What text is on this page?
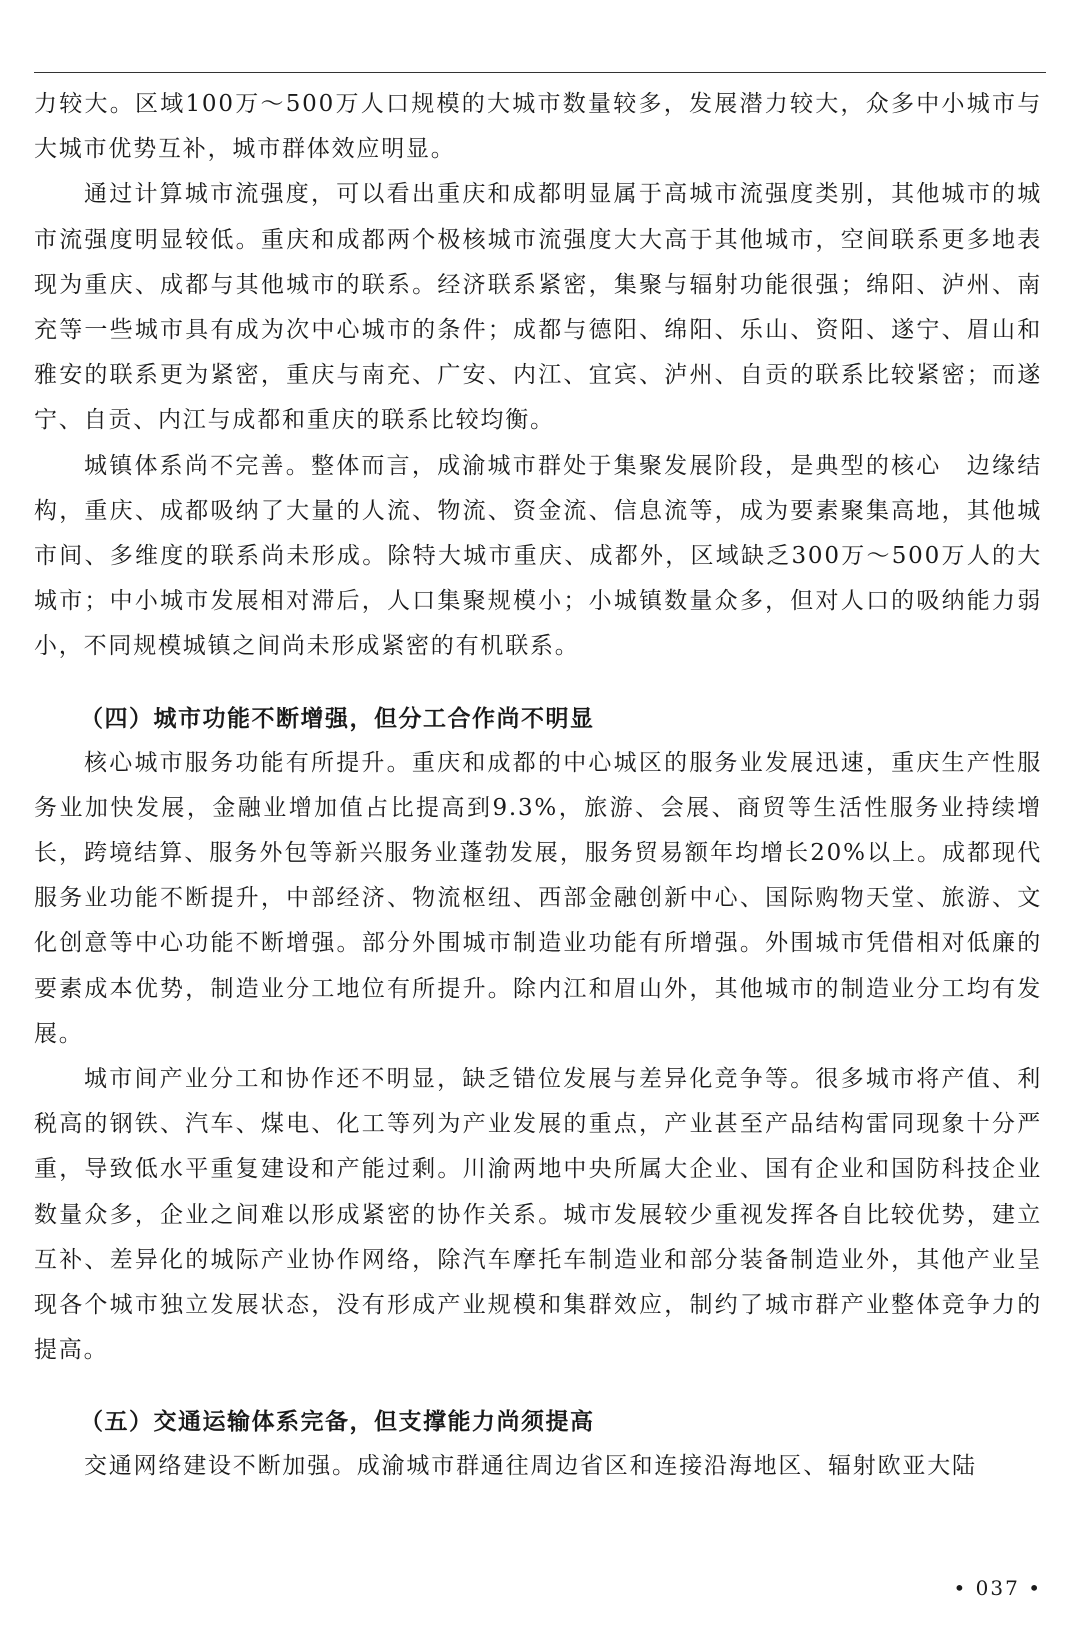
力较大。区域100万～500万人口规模的大城市数量较多，发展潜力较大，众多中小城市与大城市优势互补，城市群体效应明显。

通过计算城市流强度，可以看出重庆和成都明显属于高城市流强度类别，其他城市的城市流强度明显较低。重庆和成都两个极核城市流强度大大高于其他城市，空间联系更多地表现为重庆、成都与其他城市的联系。经济联系紧密，集聚与辐射功能很强；绵阳、泸州、南充等一些城市具有成为次中心城市的条件；成都与德阳、绵阳、乐山、资阳、遂宁、眉山和雅安的联系更为紧密，重庆与南充、广安、内江、宜宾、泸州、自贡的联系比较紧密；而遂宁、自贡、内江与成都和重庆的联系比较均衡。

城镇体系尚不完善。整体而言，成渝城市群处于集聚发展阶段，是典型的核心　边缘结构，重庆、成都吸纳了大量的人流、物流、资金流、信息流等，成为要素聚集高地，其他城市间、多维度的联系尚未形成。除特大城市重庆、成都外，区域缺乏300万～500万人的大城市；中小城市发展相对滞后，人口集聚规模小；小城镇数量众多，但对人口的吸纳能力弱小，不同规模城镇之间尚未形成紧密的有机联系。

（四）城市功能不断增强，但分工合作尚不明显

核心城市服务功能有所提升。重庆和成都的中心城区的服务业发展迅速，重庆生产性服务业加快发展，金融业增加值占比提高到9.3%，旅游、会展、商贸等生活性服务业持续增长，跨境结算、服务外包等新兴服务业蓬勃发展，服务贸易额年均增长20%以上。成都现代服务业功能不断提升，中部经济、物流枢纽、西部金融创新中心、国际购物天堂、旅游、文化创意等中心功能不断增强。部分外围城市制造业功能有所增强。外围城市凭借相对低廉的要素成本优势，制造业分工地位有所提升。除内江和眉山外，其他城市的制造业分工均有发展。

城市间产业分工和协作还不明显，缺乏错位发展与差异化竞争等。很多城市将产值、利税高的钢铁、汽车、煤电、化工等列为产业发展的重点，产业甚至产品结构雷同现象十分严重，导致低水平重复建设和产能过剩。川渝两地中央所属大企业、国有企业和国防科技企业数量众多，企业之间难以形成紧密的协作关系。城市发展较少重视发挥各自比较优势，建立互补、差异化的城际产业协作网络，除汽车摩托车制造业和部分装备制造业外，其他产业呈现各个城市独立发展状态，没有形成产业规模和集群效应，制约了城市群产业整体竞争力的提高。

（五）交通运输体系完备，但支撑能力尚须提高

交通网络建设不断加强。成渝城市群通往周边省区和连接沿海地区、辐射欧亚大陆

• 037 •
